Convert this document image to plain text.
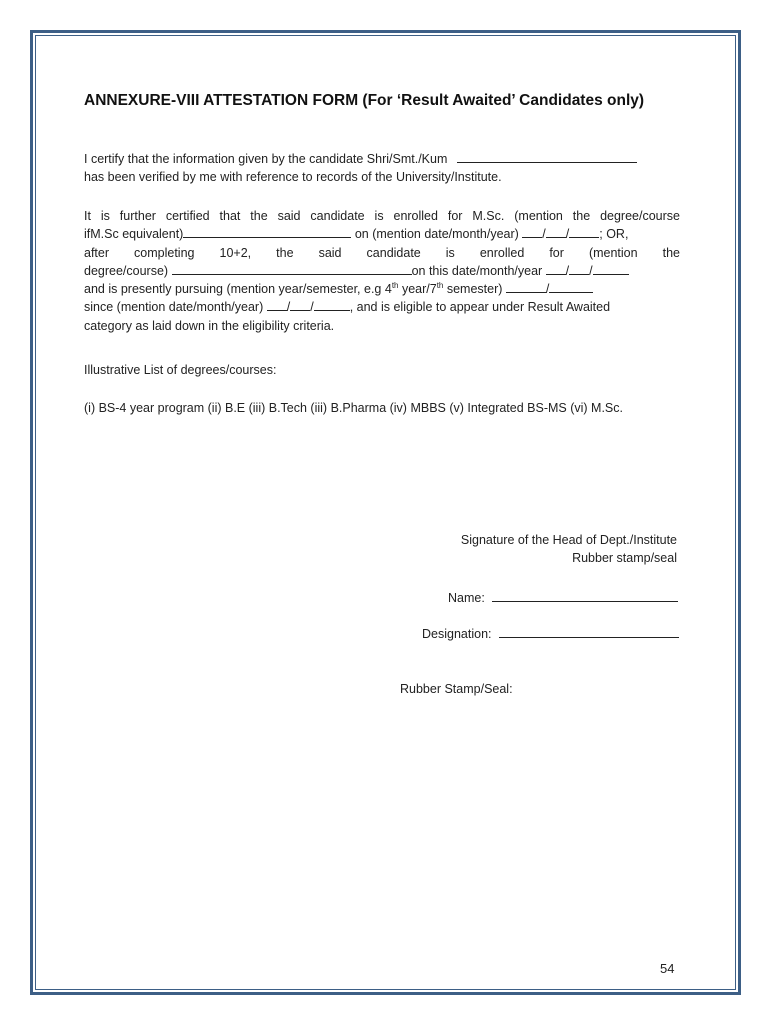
ANNEXURE-VIII ATTESTATION FORM (For ‘Result Awaited’ Candidates only)
I certify that the information given by the candidate Shri/Smt./Kum
has been verified by me with reference to records of the University/Institute.
It is further certified that the said candidate is enrolled for M.Sc. (mention the degree/course
ifM.Sc equivalent)	on (mention date/month/year) / / ; OR,
after completing 10+2, the said candidate is enrolled for (mention the
degree/course)	on this date/month/year / /
and is presently pursuing (mention year/semester, e.g 4th year/7th semester)	/
since (mention date/month/year) / /	, and is eligible to appear under Result Awaited
category as laid down in the eligibility criteria.
Illustrative List of degrees/courses:
(i) BS-4 year program (ii) B.E (iii) B.Tech (iii) B.Pharma (iv) MBBS (v) Integrated BS-MS (vi) M.Sc.
Signature of the Head of Dept./Institute
Rubber stamp/seal
Name:
Designation:
Rubber Stamp/Seal:
54
